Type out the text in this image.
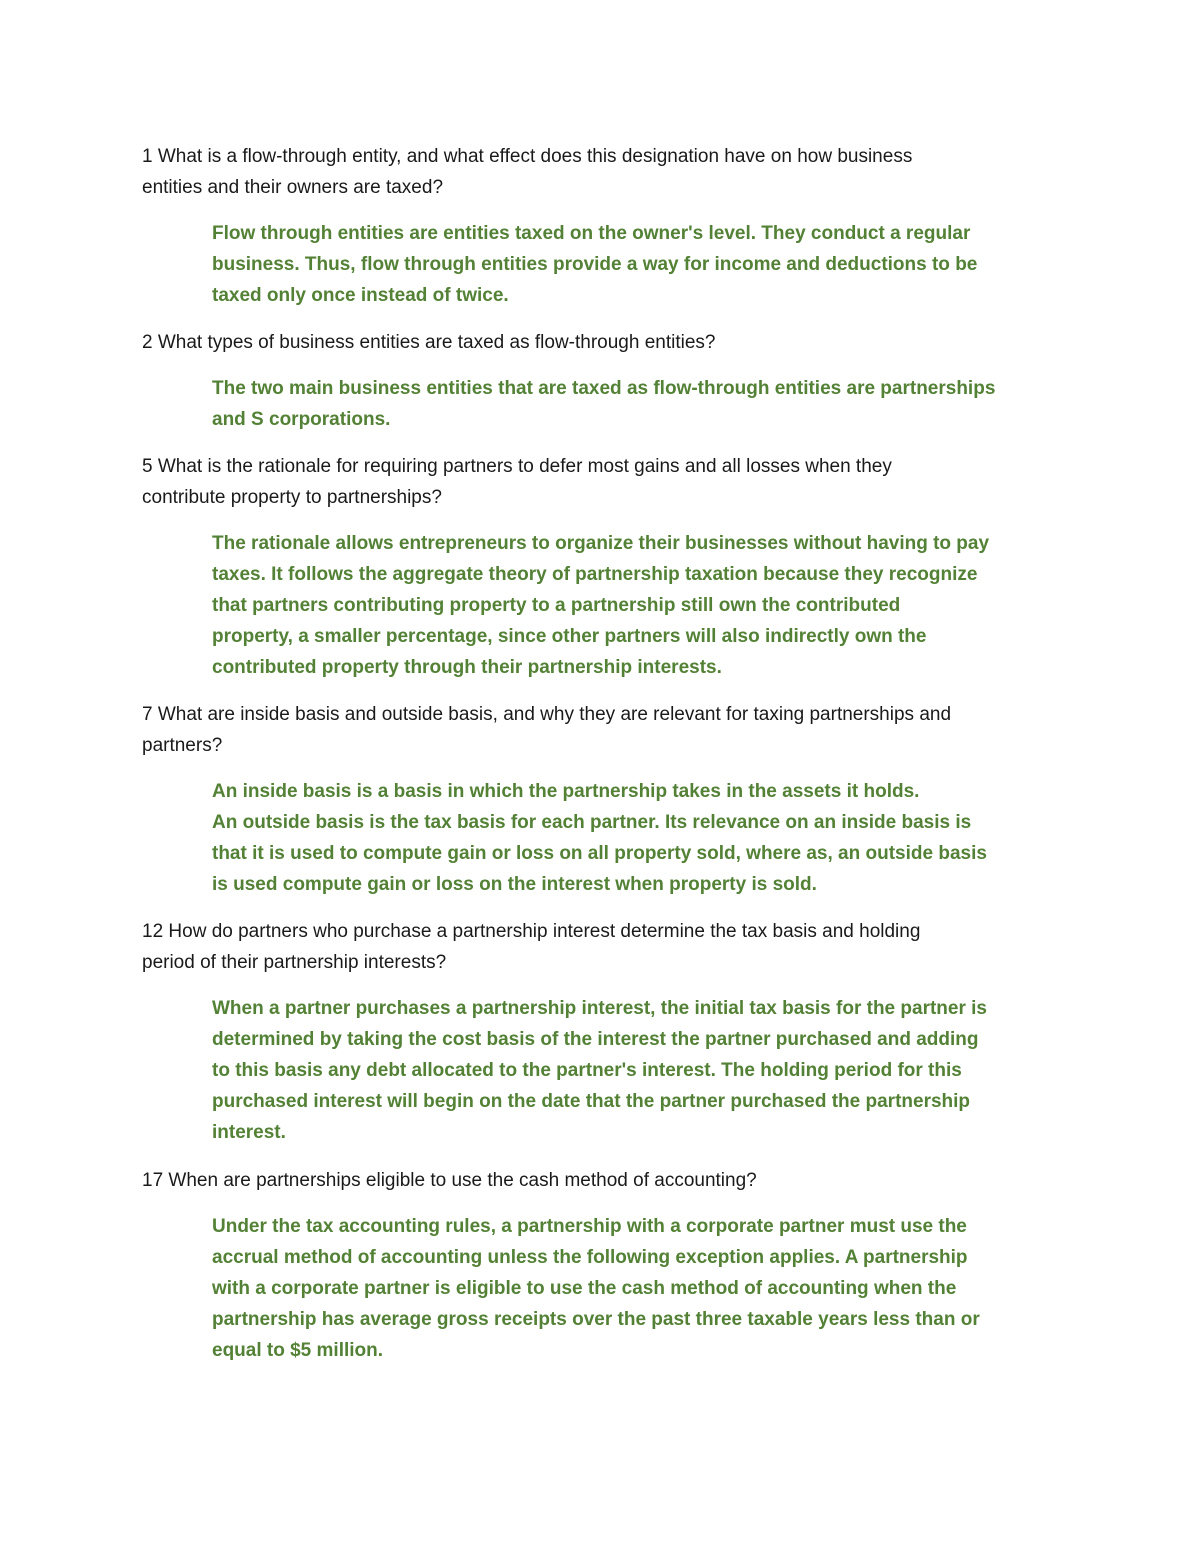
1 What is a flow-through entity, and what effect does this designation have on how business
entities and their owners are taxed?

Flow through entities are entities taxed on the owner's level. They conduct a regular
business. Thus, flow through entities provide a way for income and deductions to be
taxed only once instead of twice.

2 What types of business entities are taxed as flow-through entities?

The two main business entities that are taxed as flow-through entities are partnerships
and S corporations.

5 What is the rationale for requiring partners to defer most gains and all losses when they
contribute property to partnerships?

The rationale allows entrepreneurs to organize their businesses without having to pay
taxes. It follows the aggregate theory of partnership taxation because they recognize
that partners contributing property to a partnership still own the contributed
property, a smaller percentage, since other partners will also indirectly own the
contributed property through their partnership interests.

7 What are inside basis and outside basis, and why they are relevant for taxing partnerships and
partners?

An inside basis is a basis in which the partnership takes in the assets it holds.
An outside basis is the tax basis for each partner. Its relevance on an inside basis is
that it is used to compute gain or loss on all property sold, where as, an outside basis
is used compute gain or loss on the interest when property is sold.

12 How do partners who purchase a partnership interest determine the tax basis and holding
period of their partnership interests?

When a partner purchases a partnership interest, the initial tax basis for the partner is
determined by taking the cost basis of the interest the partner purchased and adding
to this basis any debt allocated to the partner's interest. The holding period for this
purchased interest will begin on the date that the partner purchased the partnership
interest.

17 When are partnerships eligible to use the cash method of accounting?

Under the tax accounting rules, a partnership with a corporate partner must use the
accrual method of accounting unless the following exception applies. A partnership
with a corporate partner is eligible to use the cash method of accounting when the
partnership has average gross receipts over the past three taxable years less than or
equal to $5 million.
